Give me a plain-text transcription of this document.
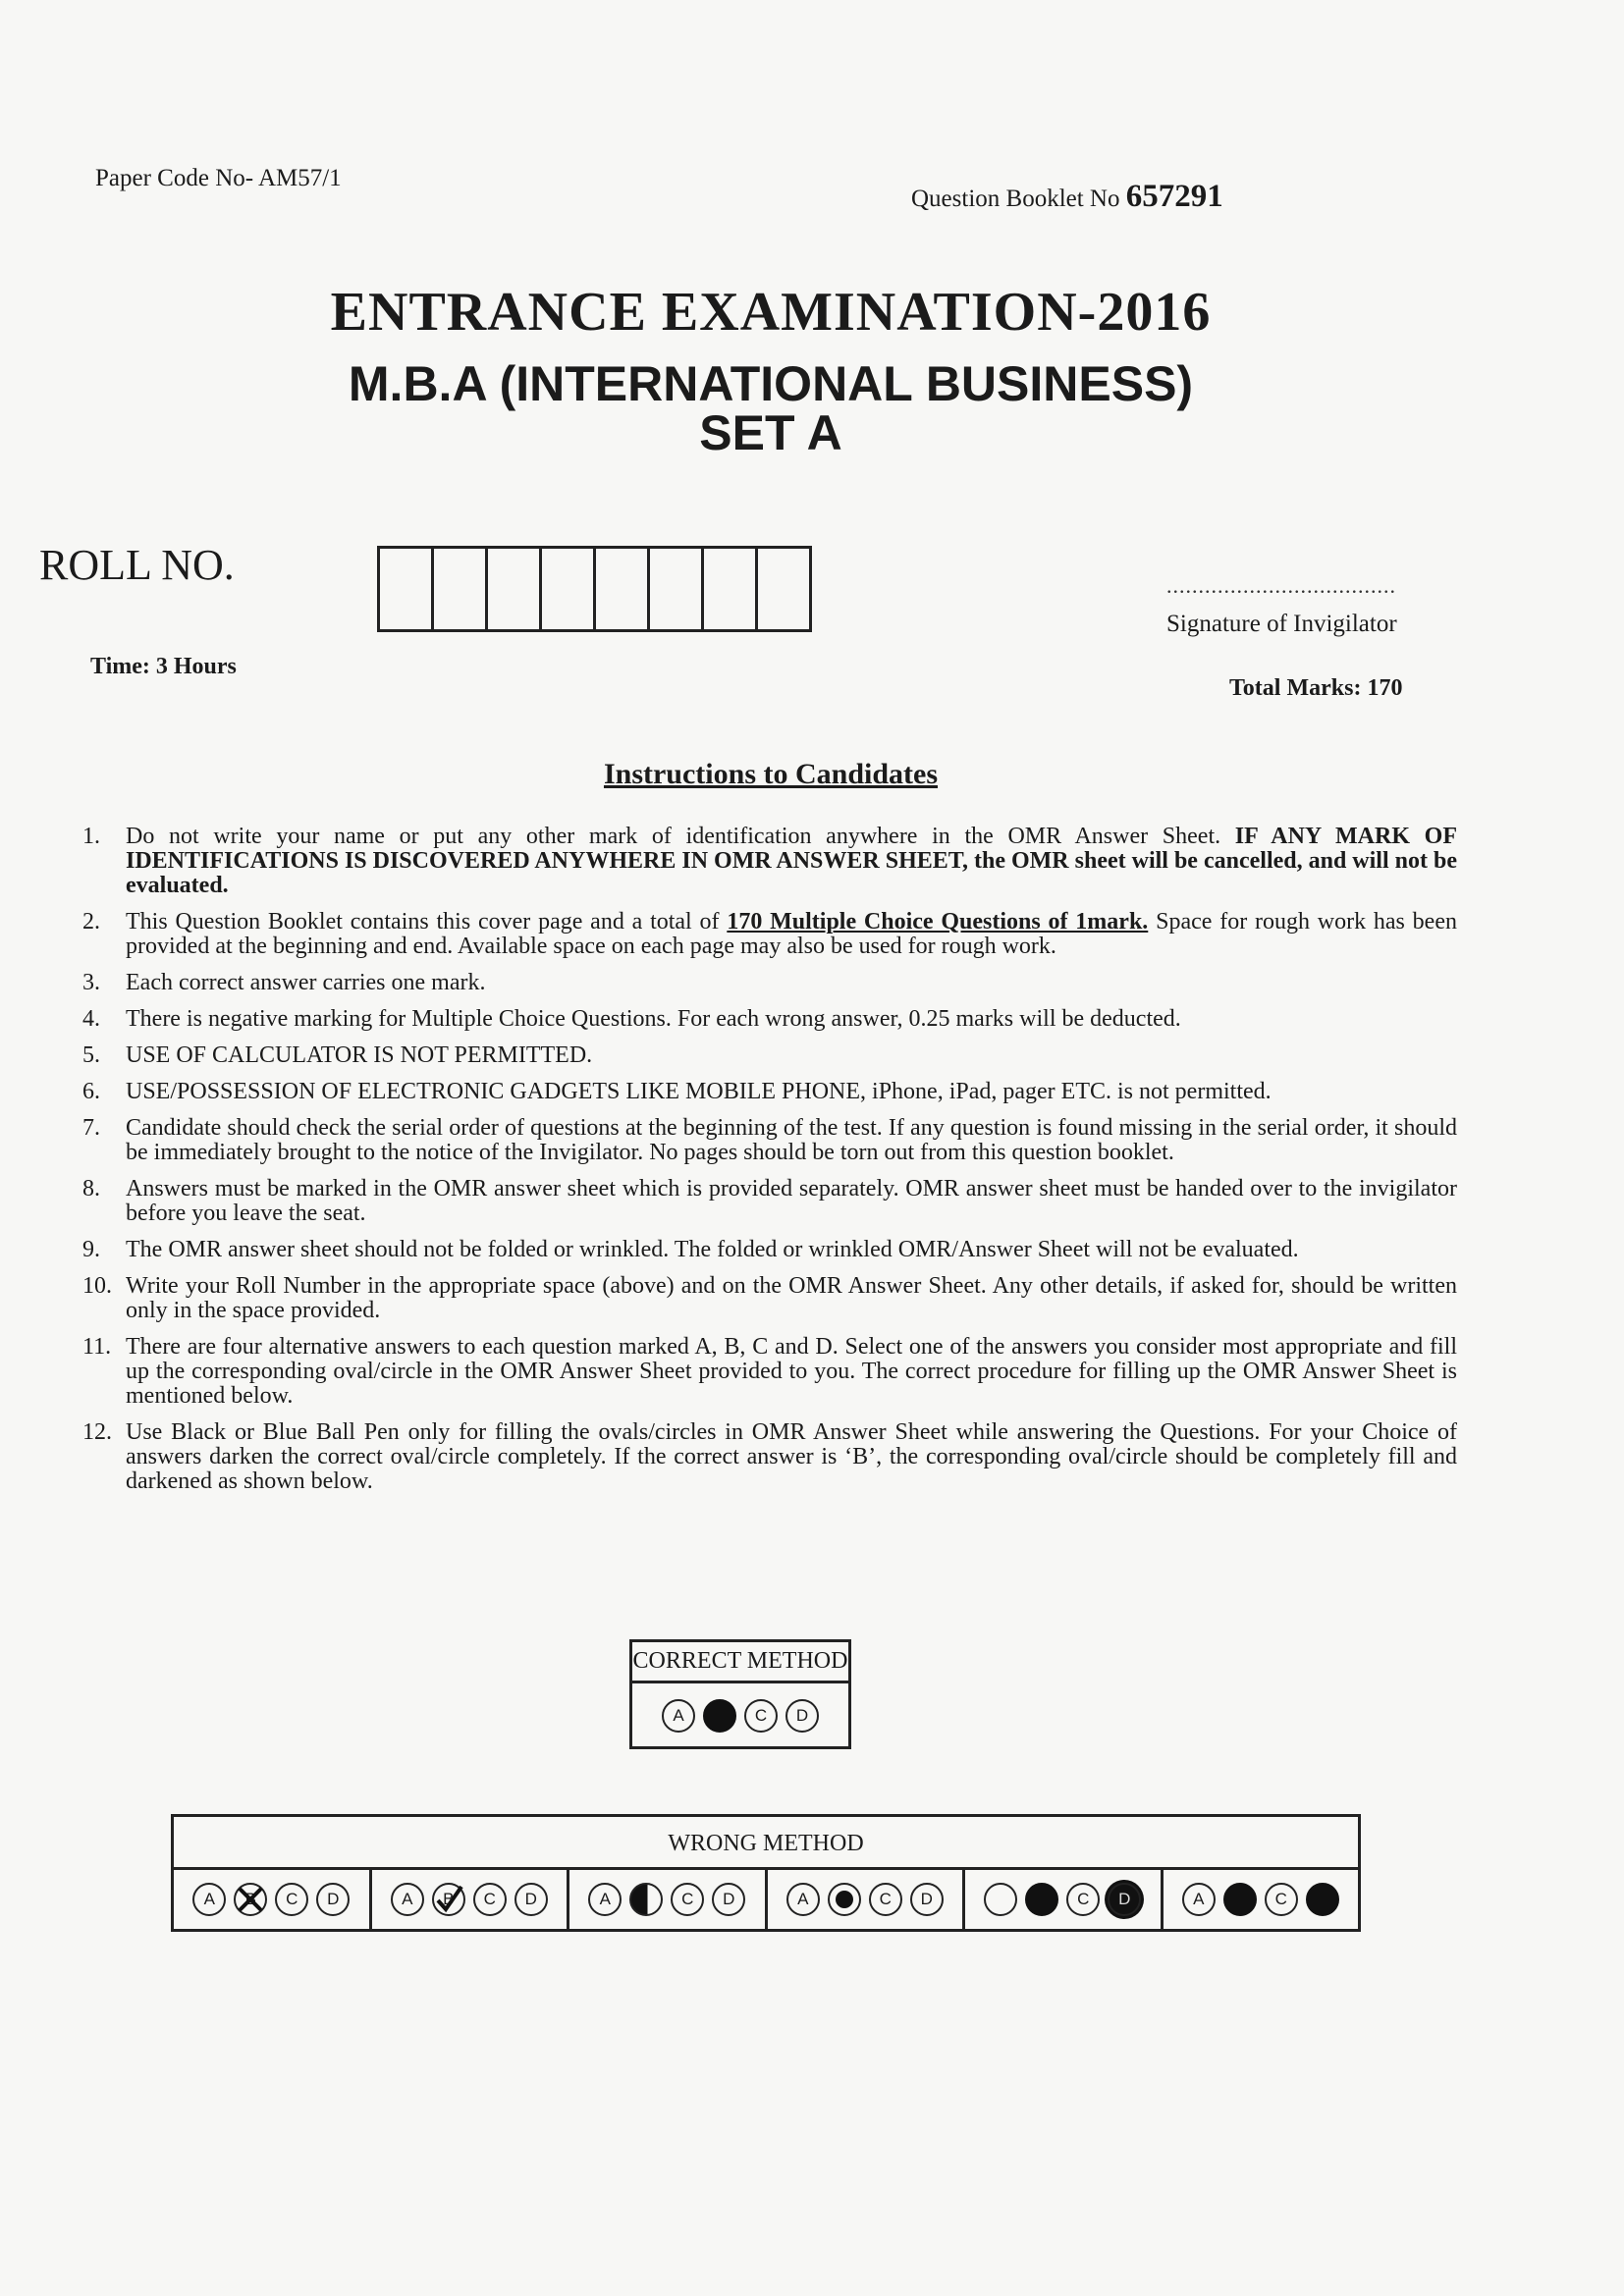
Paper Code No- AM57/1
Question Booklet No 657291
ENTRANCE EXAMINATION-2016
M.B.A (INTERNATIONAL BUSINESS)
SET A
ROLL NO.	....................................
Signature of Invigilator
Time: 3 Hours
Total Marks: 170
Instructions to Candidates
1. Do not write your name or put any other mark of identification anywhere in the OMR Answer Sheet. IF ANY MARK OF IDENTIFICATIONS IS DISCOVERED ANYWHERE IN OMR ANSWER SHEET, the OMR sheet will be cancelled, and will not be evaluated.
2. This Question Booklet contains this cover page and a total of 170 Multiple Choice Questions of 1mark. Space for rough work has been provided at the beginning and end. Available space on each page may also be used for rough work.
3. Each correct answer carries one mark.
4. There is negative marking for Multiple Choice Questions. For each wrong answer, 0.25 marks will be deducted.
5. USE OF CALCULATOR IS NOT PERMITTED.
6. USE/POSSESSION OF ELECTRONIC GADGETS LIKE MOBILE PHONE, iPhone, iPad, pager ETC. is not permitted.
7. Candidate should check the serial order of questions at the beginning of the test. If any question is found missing in the serial order, it should be immediately brought to the notice of the Invigilator. No pages should be torn out from this question booklet.
8. Answers must be marked in the OMR answer sheet which is provided separately. OMR answer sheet must be handed over to the invigilator before you leave the seat.
9. The OMR answer sheet should not be folded or wrinkled. The folded or wrinkled OMR/Answer Sheet will not be evaluated.
10. Write your Roll Number in the appropriate space (above) and on the OMR Answer Sheet. Any other details, if asked for, should be written only in the space provided.
11. There are four alternative answers to each question marked A, B, C and D. Select one of the answers you consider most appropriate and fill up the corresponding oval/circle in the OMR Answer Sheet provided to you. The correct procedure for filling up the OMR Answer Sheet is mentioned below.
12. Use Black or Blue Ball Pen only for filling the ovals/circles in OMR Answer Sheet while answering the Questions. For your Choice of answers darken the correct oval/circle completely. If the correct answer is ‘B’, the corresponding oval/circle should be completely fill and darkened as shown below.
CORRECT METHOD
A	C	D
WRONG METHOD
A	B	C	D	A	B	C	D	A	C	D	A	C	D	C	D	A	C
